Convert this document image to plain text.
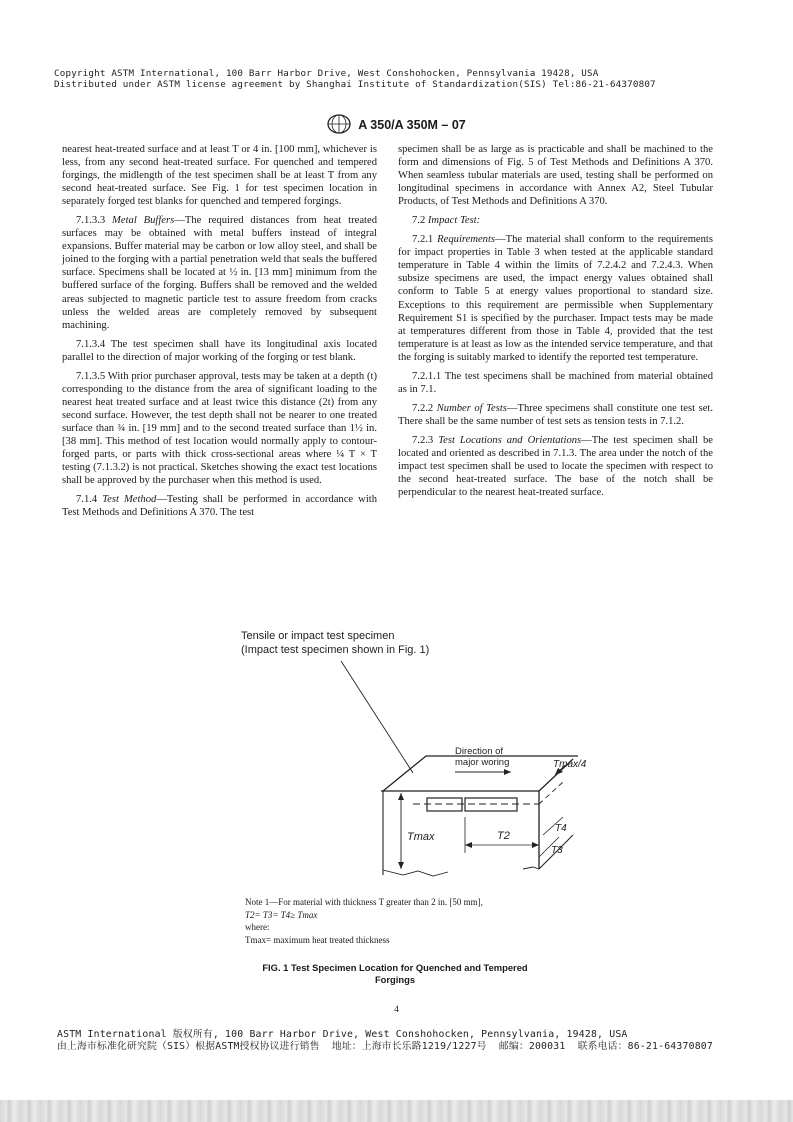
Copyright ASTM International, 100 Barr Harbor Drive, West Conshohocken, Pennsylvania 19428, USA
Distributed under ASTM license agreement by Shanghai Institute of Standardization(SIS) Tel:86-21-64370807
A 350/A 350M – 07

nearest heat-treated surface and at least T or 4 in. [100 mm], whichever is less, from any second heat-treated surface. For quenched and tempered forgings, the midlength of the test specimen shall be at least T from any second heat-treated surface. See Fig. 1 for test specimen location in separately forged test blanks for quenched and tempered forgings.

7.1.3.3 Metal Buffers—The required distances from heat treated surfaces may be obtained with metal buffers instead of integral expansions. Buffer material may be carbon or low alloy steel, and shall be joined to the forging with a partial penetration weld that seals the buffered surface. Specimens shall be located at ½ in. [13 mm] minimum from the buffered surface of the forging. Buffers shall be removed and the welded areas subjected to magnetic particle test to assure freedom from cracks unless the welded areas are completely removed by subsequent machining.

7.1.3.4 The test specimen shall have its longitudinal axis located parallel to the direction of major working of the forging or test blank.

7.1.3.5 With prior purchaser approval, tests may be taken at a depth (t) corresponding to the distance from the area of significant loading to the nearest heat treated surface and at least twice this distance (2t) from any second surface. However, the test depth shall not be nearer to one treated surface than ¾ in. [19 mm] and to the second treated surface than 1½ in. [38 mm]. This method of test location would normally apply to contour-forged parts, or parts with thick cross-sectional areas where ¼ T × T testing (7.1.3.2) is not practical. Sketches showing the exact test locations shall be approved by the purchaser when this method is used.

7.1.4 Test Method—Testing shall be performed in accordance with Test Methods and Definitions A 370. The test

specimen shall be as large as is practicable and shall be machined to the form and dimensions of Fig. 5 of Test Methods and Definitions A 370. When seamless tubular materials are used, testing shall be performed on longitudinal specimens in accordance with Annex A2, Steel Tubular Products, of Test Methods and Definitions A 370.

7.2 Impact Test:

7.2.1 Requirements—The material shall conform to the requirements for impact properties in Table 3 when tested at the applicable standard temperature in Table 4 within the limits of 7.2.4.2 and 7.2.4.3. When subsize specimens are used, the impact energy values obtained shall conform to Table 5 at energy values proportional to standard size. Exceptions to this requirement are permissible when Supplementary Requirement S1 is specified by the purchaser. Impact tests may be made at temperatures different from those in Table 4, provided that the test temperature is at least as low as the intended service temperature, and that the forging is suitably marked to identify the reported test temperature.

7.2.1.1 The test specimens shall be machined from material obtained as in 7.1.

7.2.2 Number of Tests—Three specimens shall constitute one test set. There shall be the same number of test sets as tension tests in 7.1.2.

7.2.3 Test Locations and Orientations—The test specimen shall be located and oriented as described in 7.1.3. The area under the notch of the impact test specimen shall be used to locate the specimen with respect to the second heat-treated surface. The base of the notch shall be perpendicular to the nearest heat-treated surface.

Tensile or impact test specimen
(Impact test specimen shown in Fig. 1)
Direction of
major woring
Tmax	T2
Tmax/4
T3
T4
Note 1—For material with thickness T greater than 2 in. [50 mm],
T2= T3= T4≥ Tmax
where:
Tmax= maximum heat treated thickness
FIG. 1 Test Specimen Location for Quenched and Tempered
Forgings
4
ASTM International 版权所有, 100 Barr Harbor Drive, West Conshohocken, Pennsylvania, 19428, USA
由上海市标准化研究院（SIS）根据ASTM授权协议进行销售  地址：上海市长乐路1219/1227号  邮编：200031  联系电话：86-21-64370807
